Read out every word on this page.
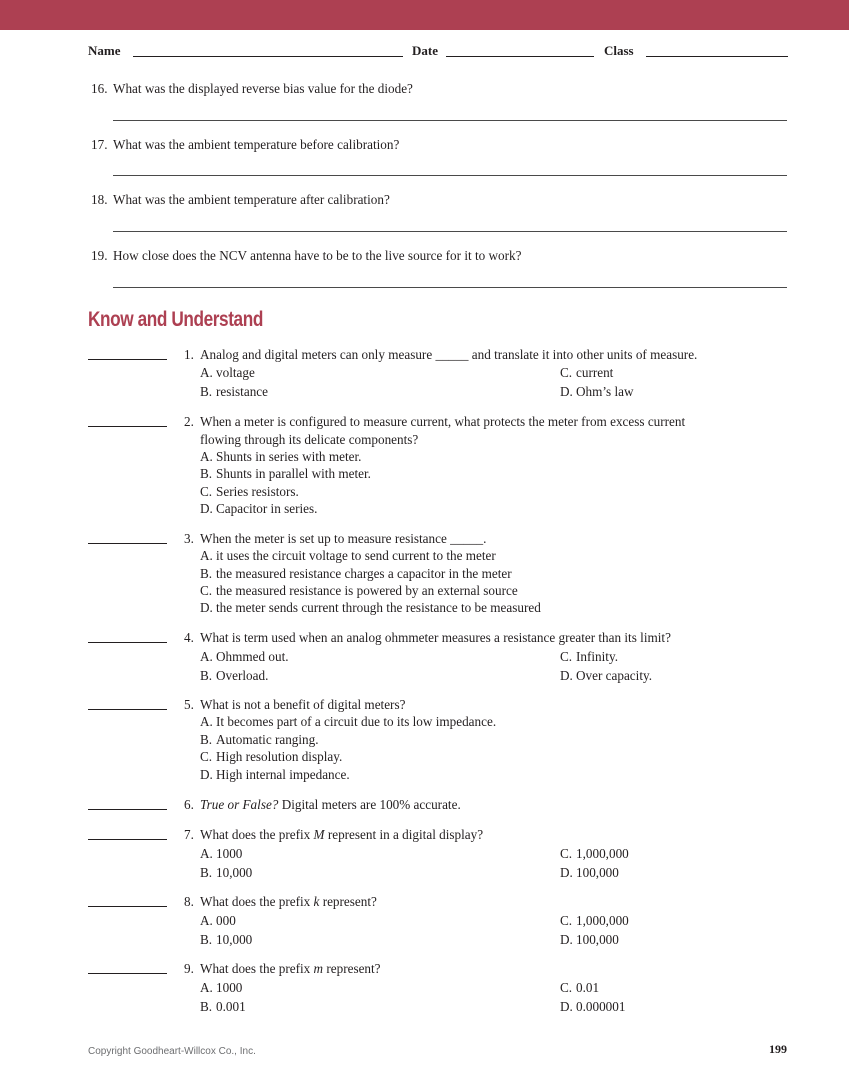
Name	Date	Class
16. What was the displayed reverse bias value for the diode?
17. What was the ambient temperature before calibration?
18. What was the ambient temperature after calibration?
19. How close does the NCV antenna have to be to the live source for it to work?
Know and Understand
1. Analog and digital meters can only measure _____ and translate it into other units of measure.
A. voltage
B. resistance
C. current
D. Ohm’s law
2. When a meter is configured to measure current, what protects the meter from excess current
flowing through its delicate components?
A. Shunts in series with meter.
B. Shunts in parallel with meter.
C. Series resistors.
D. Capacitor in series.
3. When the meter is set up to measure resistance _____.
A. it uses the circuit voltage to send current to the meter
B. the measured resistance charges a capacitor in the meter
C. the measured resistance is powered by an external source
D. the meter sends current through the resistance to be measured
4. What is term used when an analog ohmmeter measures a resistance greater than its limit?
A. Ohmmed out.
B. Overload.
C. Infinity.
D. Over capacity.
5. What is not a benefit of digital meters?
A. It becomes part of a circuit due to its low impedance.
B. Automatic ranging.
C. High resolution display.
D. High internal impedance.
6. True or False? Digital meters are 100% accurate.
7. What does the prefix M represent in a digital display?
A. 1000
B. 10,000
C. 1,000,000
D. 100,000
8. What does the prefix k represent?
A. 000
B. 10,000
C. 1,000,000
D. 100,000
9. What does the prefix m represent?
A. 1000
B. 0.001
C. 0.01
D. 0.000001
Copyright Goodheart-Willcox Co., Inc.	199
